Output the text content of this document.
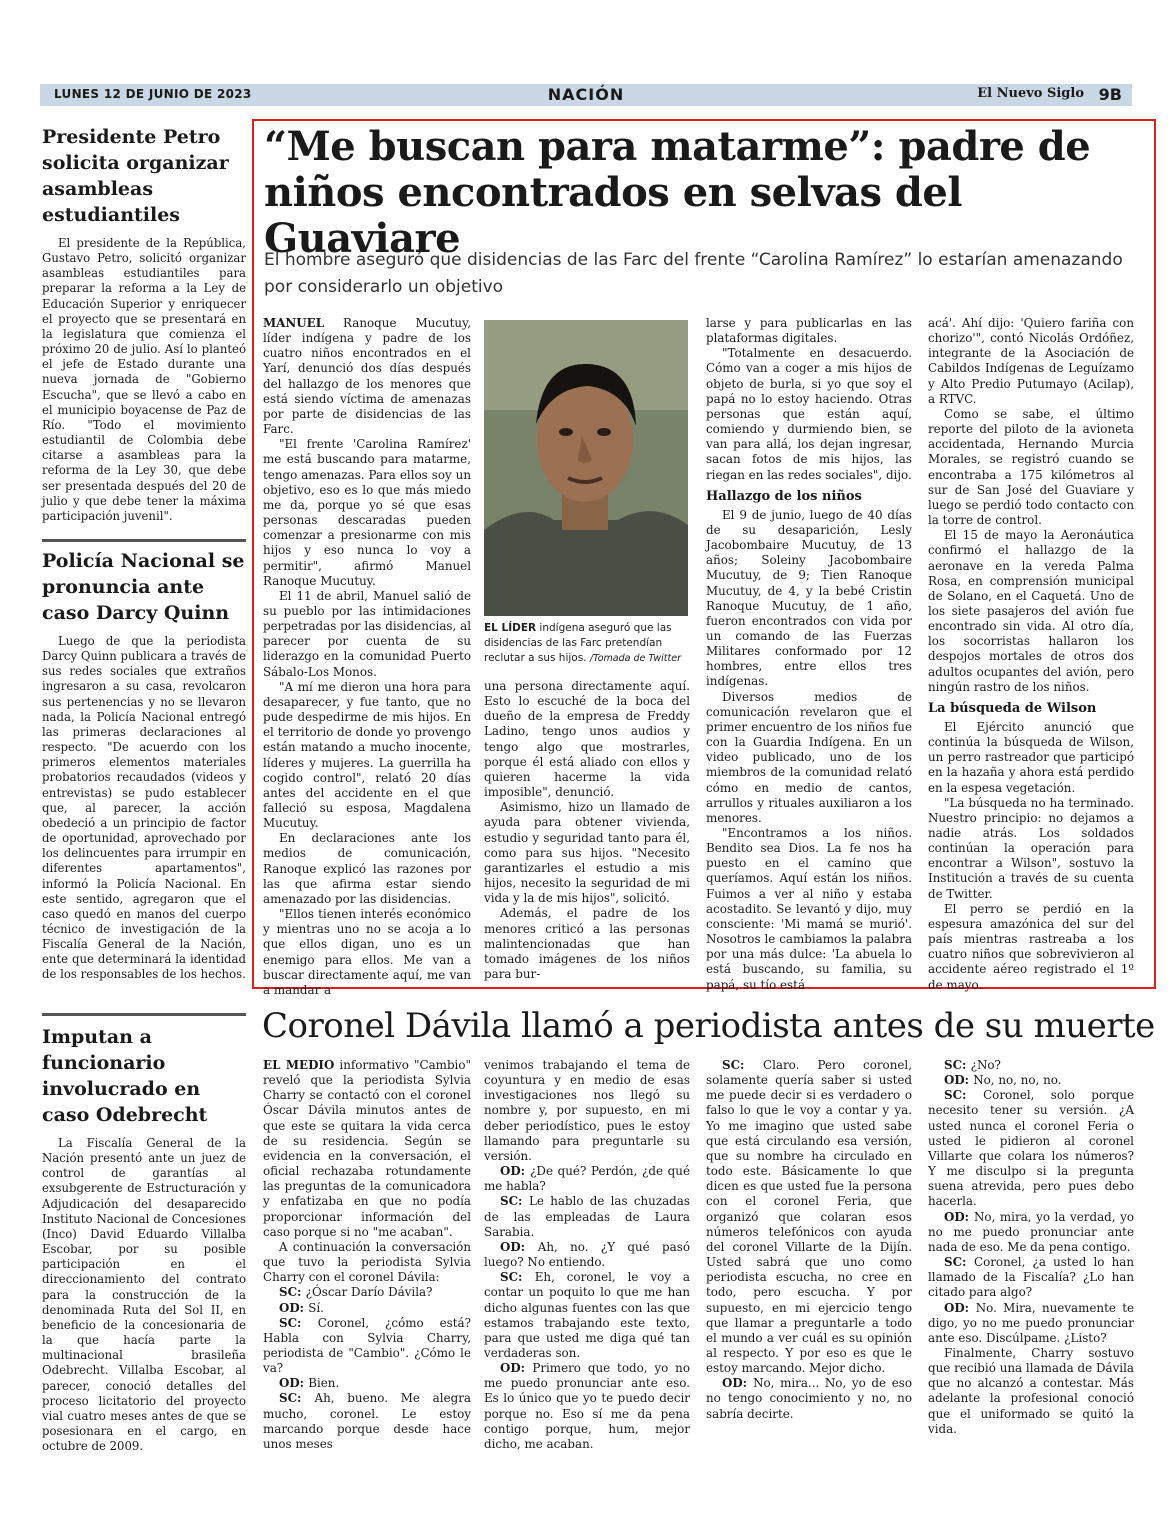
LUNES 12 DE JUNIO DE 2023	NACIÓN	El Nuevo Siglo 9B
Presidente Petro solicita organizar asambleas estudiantiles

El presidente de la República, Gustavo Petro, solicitó organizar asambleas estudiantiles para preparar la reforma a la Ley de Educación Superior y enriquecer el proyecto que se presentará en la legislatura que comienza el próximo 20 de julio. Así lo planteó el jefe de Estado durante una nueva jornada de "Gobierno Escucha", que se llevó a cabo en el municipio boyacense de Paz de Río. "Todo el movimiento estudiantil de Colombia debe citarse a asambleas para la reforma de la Ley 30, que debe ser presentada después del 20 de julio y que debe tener la máxima participación juvenil".

Policía Nacional se pronuncia ante caso Darcy Quinn

Luego de que la periodista Darcy Quinn publicara a través de sus redes sociales que extraños ingresaron a su casa, revolcaron sus pertenencias y no se llevaron nada, la Policía Nacional entregó las primeras declaraciones al respecto. "De acuerdo con los primeros elementos materiales probatorios recaudados (videos y entrevistas) se pudo establecer que, al parecer, la acción obedeció a un principio de factor de oportunidad, aprovechado por los delincuentes para irrumpir en diferentes apartamentos", informó la Policía Nacional. En este sentido, agregaron que el caso quedó en manos del cuerpo técnico de investigación de la Fiscalía General de la Nación, ente que determinará la identidad de los responsables de los hechos.

Imputan a funcionario involucrado en caso Odebrecht

La Fiscalía General de la Nación presentó ante un juez de control de garantías al exsubgerente de Estructuración y Adjudicación del desaparecido Instituto Nacional de Concesiones (Inco) David Eduardo Villalba Escobar, por su posible participación en el direccionamiento del contrato para la construcción de la denominada Ruta del Sol II, en beneficio de la concesionaria de la que hacía parte la multinacional brasileña Odebrecht. Villalba Escobar, al parecer, conoció detalles del proceso licitatorio del proyecto vial cuatro meses antes de que se posesionara en el cargo, en octubre de 2009.

“Me buscan para matarme”: padre de niños encontrados en selvas del Guaviare

El hombre aseguró que disidencias de las Farc del frente “Carolina Ramírez” lo estarían amenazando por considerarlo un objetivo

MANUEL Ranoque Mucutuy, líder indígena y padre de los cuatro niños encontrados en el Yarí, denunció dos días después del hallazgo de los menores que está siendo víctima de amenazas por parte de disidencias de las Farc.

"El frente 'Carolina Ramírez' me está buscando para matarme, tengo amenazas. Para ellos soy un objetivo, eso es lo que más miedo me da, porque yo sé que esas personas descaradas pueden comenzar a presionarme con mis hijos y eso nunca lo voy a permitir", afirmó Manuel Ranoque Mucutuy.

El 11 de abril, Manuel salió de su pueblo por las intimidaciones perpetradas por las disidencias, al parecer por cuenta de su liderazgo en la comunidad Puerto Sábalo-Los Monos.

"A mí me dieron una hora para desaparecer, y fue tanto, que no pude despedirme de mis hijos. En el territorio de donde yo provengo están matando a mucho inocente, líderes y mujeres. La guerrilla ha cogido control", relató 20 días antes del accidente en el que falleció su esposa, Magdalena Mucutuy.

En declaraciones ante los medios de comunicación, Ranoque explicó las razones por las que afirma estar siendo amenazado por las disidencias.

"Ellos tienen interés económico y mientras uno no se acoja a lo que ellos digan, uno es un enemigo para ellos. Me van a buscar directamente aquí, me van a mandar a

EL LÍDER indígena aseguró que las disidencias de las Farc pretendían reclutar a sus hijos. /Tomada de Twitter

una persona directamente aquí. Esto lo escuché de la boca del dueño de la empresa de Freddy Ladino, tengo unos audios y tengo algo que mostrarles, porque él está aliado con ellos y quieren hacerme la vida imposible", denunció.

Asimismo, hizo un llamado de ayuda para obtener vivienda, estudio y seguridad tanto para él, como para sus hijos. "Necesito garantizarles el estudio a mis hijos, necesito la seguridad de mi vida y la de mis hijos", solicitó.

Además, el padre de los menores criticó a las personas malintencionadas que han tomado imágenes de los niños para bur-

larse y para publicarlas en las plataformas digitales.

"Totalmente en desacuerdo. Cómo van a coger a mis hijos de objeto de burla, si yo que soy el papá no lo estoy haciendo. Otras personas que están aquí, comiendo y durmiendo bien, se van para allá, los dejan ingresar, sacan fotos de mis hijos, las riegan en las redes sociales", dijo.

Hallazgo de los niños

El 9 de junio, luego de 40 días de su desaparición, Lesly Jacobombaire Mucutuy, de 13 años; Soleiny Jacobombaire Mucutuy, de 9; Tien Ranoque Mucutuy, de 4, y la bebé Cristin Ranoque Mucutuy, de 1 año, fueron encontrados con vida por un comando de las Fuerzas Militares conformado por 12 hombres, entre ellos tres indígenas.

Diversos medios de comunicación revelaron que el primer encuentro de los niños fue con la Guardia Indígena. En un video publicado, uno de los miembros de la comunidad relató cómo en medio de cantos, arrullos y rituales auxiliaron a los menores.

"Encontramos a los niños. Bendito sea Dios. La fe nos ha puesto en el camino que queríamos. Aquí están los niños. Fuimos a ver al niño y estaba acostadito. Se levantó y dijo, muy consciente: 'Mi mamá se murió'. Nosotros le cambiamos la palabra por una más dulce: 'La abuela lo está buscando, su familia, su papá, su tío está

acá'. Ahí dijo: 'Quiero fariña con chorizo'", contó Nicolás Ordóñez, integrante de la Asociación de Cabildos Indígenas de Leguízamo y Alto Predio Putumayo (Acilap), a RTVC.

Como se sabe, el último reporte del piloto de la avioneta accidentada, Hernando Murcia Morales, se registró cuando se encontraba a 175 kilómetros al sur de San José del Guaviare y luego se perdió todo contacto con la torre de control.

El 15 de mayo la Aeronáutica confirmó el hallazgo de la aeronave en la vereda Palma Rosa, en comprensión municipal de Solano, en el Caquetá. Uno de los siete pasajeros del avión fue encontrado sin vida. Al otro día, los socorristas hallaron los despojos mortales de otros dos adultos ocupantes del avión, pero ningún rastro de los niños.

La búsqueda de Wilson

El Ejército anunció que continúa la búsqueda de Wilson, un perro rastreador que participó en la hazaña y ahora está perdido en la espesa vegetación.

"La búsqueda no ha terminado. Nuestro principio: no dejamos a nadie atrás. Los soldados continúan la operación para encontrar a Wilson", sostuvo la Institución a través de su cuenta de Twitter.

El perro se perdió en la espesura amazónica del sur del país mientras rastreaba a los cuatro niños que sobrevivieron al accidente aéreo registrado el 1º de mayo.

Coronel Dávila llamó a periodista antes de su muerte

EL MEDIO informativo "Cambio" reveló que la periodista Sylvia Charry se contactó con el coronel Óscar Dávila minutos antes de que este se quitara la vida cerca de su residencia. Según se evidencia en la conversación, el oficial rechazaba rotundamente las preguntas de la comunicadora y enfatizaba en que no podía proporcionar información del caso porque si no "me acaban".

A continuación la conversación que tuvo la periodista Sylvia Charry con el coronel Dávila:

SC: ¿Óscar Darío Dávila?

OD: Sí.

SC: Coronel, ¿cómo está? Habla con Sylvia Charry, periodista de "Cambio". ¿Cómo le va?

OD: Bien.

SC: Ah, bueno. Me alegra mucho, coronel. Le estoy marcando porque desde hace unos meses

venimos trabajando el tema de coyuntura y en medio de esas investigaciones nos llegó su nombre y, por supuesto, en mi deber periodístico, pues le estoy llamando para preguntarle su versión.

OD: ¿De qué? Perdón, ¿de qué me habla?

SC: Le hablo de las chuzadas de las empleadas de Laura Sarabia.

OD: Ah, no. ¿Y qué pasó luego? No entiendo.

SC: Eh, coronel, le voy a contar un poquito lo que me han dicho algunas fuentes con las que estamos trabajando este texto, para que usted me diga qué tan verdaderas son.

OD: Primero que todo, yo no me puedo pronunciar ante eso. Es lo único que yo te puedo decir porque no. Eso sí me da pena contigo porque, hum, mejor dicho, me acaban.

SC: Claro. Pero coronel, solamente quería saber si usted me puede decir si es verdadero o falso lo que le voy a contar y ya. Yo me imagino que usted sabe que está circulando esa versión, que su nombre ha circulado en todo este. Básicamente lo que dicen es que usted fue la persona con el coronel Feria, que organizó que colaran esos números telefónicos con ayuda del coronel Villarte de la Dijín. Usted sabrá que uno como periodista escucha, no cree en todo, pero escucha. Y por supuesto, en mi ejercicio tengo que llamar a preguntarle a todo el mundo a ver cuál es su opinión al respecto. Y por eso es que le estoy marcando. Mejor dicho.

OD: No, mira... No, yo de eso no tengo conocimiento y no, no sabría decirte.

SC: ¿No?

OD: No, no, no, no.

SC: Coronel, solo porque necesito tener su versión. ¿A usted nunca el coronel Feria o usted le pidieron al coronel Villarte que colara los números? Y me disculpo si la pregunta suena atrevida, pero pues debo hacerla.

OD: No, mira, yo la verdad, yo no me puedo pronunciar ante nada de eso. Me da pena contigo.

SC: Coronel, ¿a usted lo han llamado de la Fiscalía? ¿Lo han citado para algo?

OD: No. Mira, nuevamente te digo, yo no me puedo pronunciar ante eso. Discúlpame. ¿Listo?

Finalmente, Charry sostuvo que recibió una llamada de Dávila que no alcanzó a contestar. Más adelante la profesional conoció que el uniformado se quitó la vida.
